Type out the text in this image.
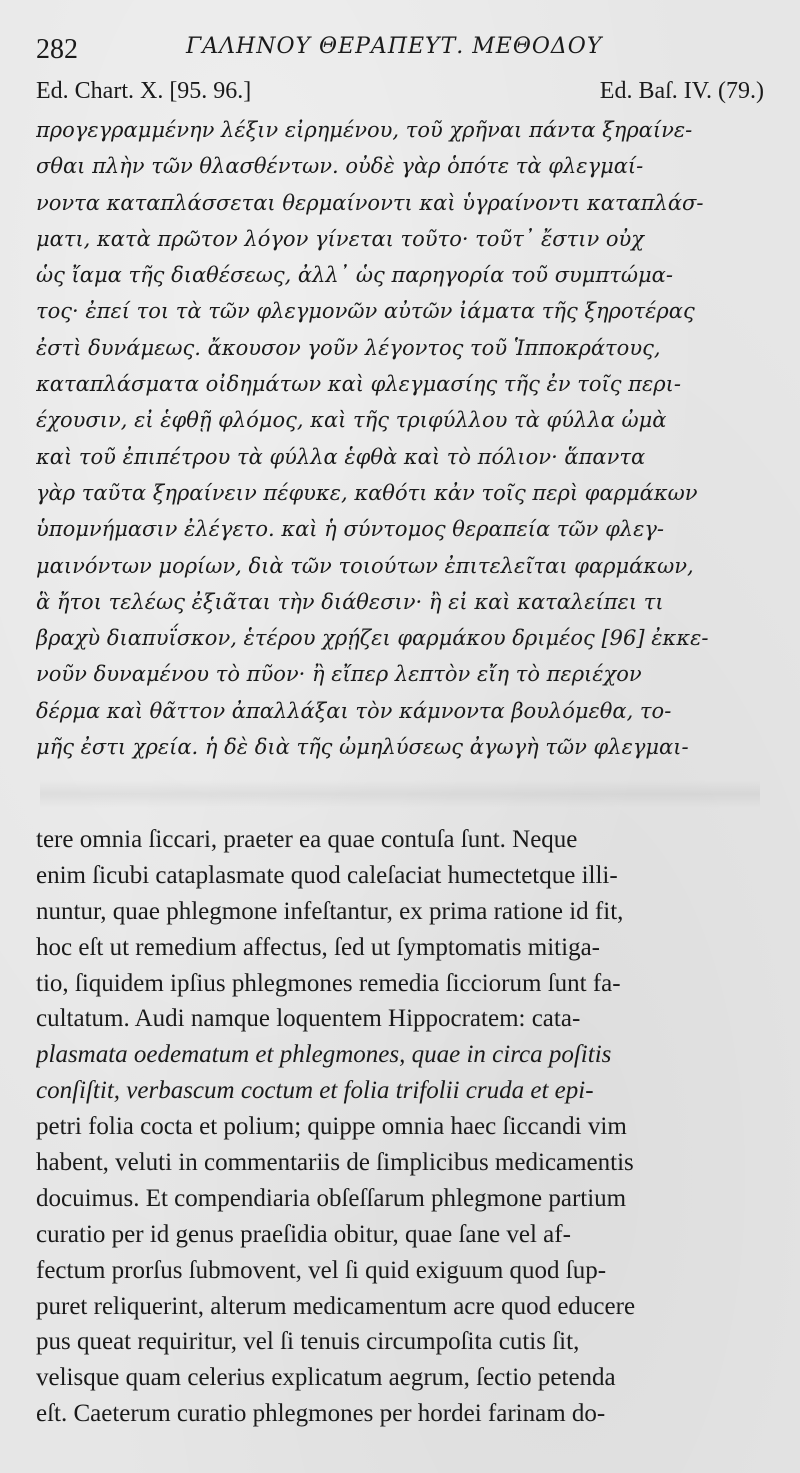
282	ΓΑΛΗΝΟΥ ΘΕΡΑΠΕΥΤ. ΜΕΘΟΔΟΥ
Ed. Chart. X. [95. 96.]	Ed. Baſ. IV. (79.)
προγεγραμμένην λέξιν εἰρημένου, τοῦ χρῆναι πάντα ξηραίνε-
σθαι πλὴν τῶν θλασθέντων. οὐδὲ γὰρ ὁπότε τὰ φλεγμαί-
νοντα καταπλάσσεται θερμαίνοντι καὶ ὑγραίνοντι καταπλάσ-
ματι, κατὰ πρῶτον λόγον γίνεται τοῦτο· τοῦτ᾽ ἔστιν οὐχ
ὡς ἴαμα τῆς διαθέσεως, ἀλλ᾽ ὡς παρηγορία τοῦ συμπτώμα-
τος· ἐπεί τοι τὰ τῶν φλεγμονῶν αὐτῶν ἰάματα τῆς ξηροτέρας
ἐστὶ δυνάμεως. ἄκουσον γοῦν λέγοντος τοῦ Ἱπποκράτους,
καταπλάσματα οἰδημάτων καὶ φλεγμασίης τῆς ἐν τοῖς περι-
έχουσιν, εἰ ἑφθῇ φλόμος, καὶ τῆς τριφύλλου τὰ φύλλα ὠμὰ
καὶ τοῦ ἐπιπέτρου τὰ φύλλα ἑφθὰ καὶ τὸ πόλιον· ἅπαντα
γὰρ ταῦτα ξηραίνειν πέφυκε, καθότι κἀν τοῖς περὶ φαρμάκων
ὑπομνήμασιν ἐλέγετο. καὶ ἡ σύντομος θεραπεία τῶν φλεγ-
μαινόντων μορίων, διὰ τῶν τοιούτων ἐπιτελεῖται φαρμάκων,
ἃ ἤτοι τελέως ἐξιᾶται τὴν διάθεσιν· ἢ εἰ καὶ καταλείπει τι
βραχὺ διαπυΐσκον, ἑτέρου χρῄζει φαρμάκου δριμέος [96] ἐκκε-
νοῦν δυναμένου τὸ πῦον· ἢ εἴπερ λεπτὸν εἴη τὸ περιέχον
δέρμα καὶ θᾶττον ἀπαλλάξαι τὸν κάμνοντα βουλόμεθα, το-
μῆς ἐστι χρεία. ἡ δὲ διὰ τῆς ὠμηλύσεως ἀγωγὴ τῶν φλεγμαι-
tere omnia ſiccari, praeter ea quae contuſa ſunt. Neque
enim ſicubi cataplasmate quod caleſaciat humectetque illi-
nuntur, quae phlegmone infeſtantur, ex prima ratione id fit,
hoc eſt ut remedium affectus, ſed ut ſymptomatis mitiga-
tio, ſiquidem ipſius phlegmones remedia ſicciorum ſunt fa-
cultatum. Audi namque loquentem Hippocratem: cata-
plasmata oedematum et phlegmones, quae in circa poſitis
conſiſtit, verbascum coctum et folia trifolii cruda et epi-
petri folia cocta et polium; quippe omnia haec ſiccandi vim
habent, veluti in commentariis de ſimplicibus medicamentis
docuimus. Et compendiaria obſeſſarum phlegmone partium
curatio per id genus praeſidia obitur, quae ſane vel af-
fectum prorſus ſubmovent, vel ſi quid exiguum quod ſup-
puret reliquerint, alterum medicamentum acre quod educere
pus queat requiritur, vel ſi tenuis circumpoſita cutis ſit,
velisque quam celerius explicatum aegrum, ſectio petenda
eſt. Caeterum curatio phlegmones per hordei farinam do-
